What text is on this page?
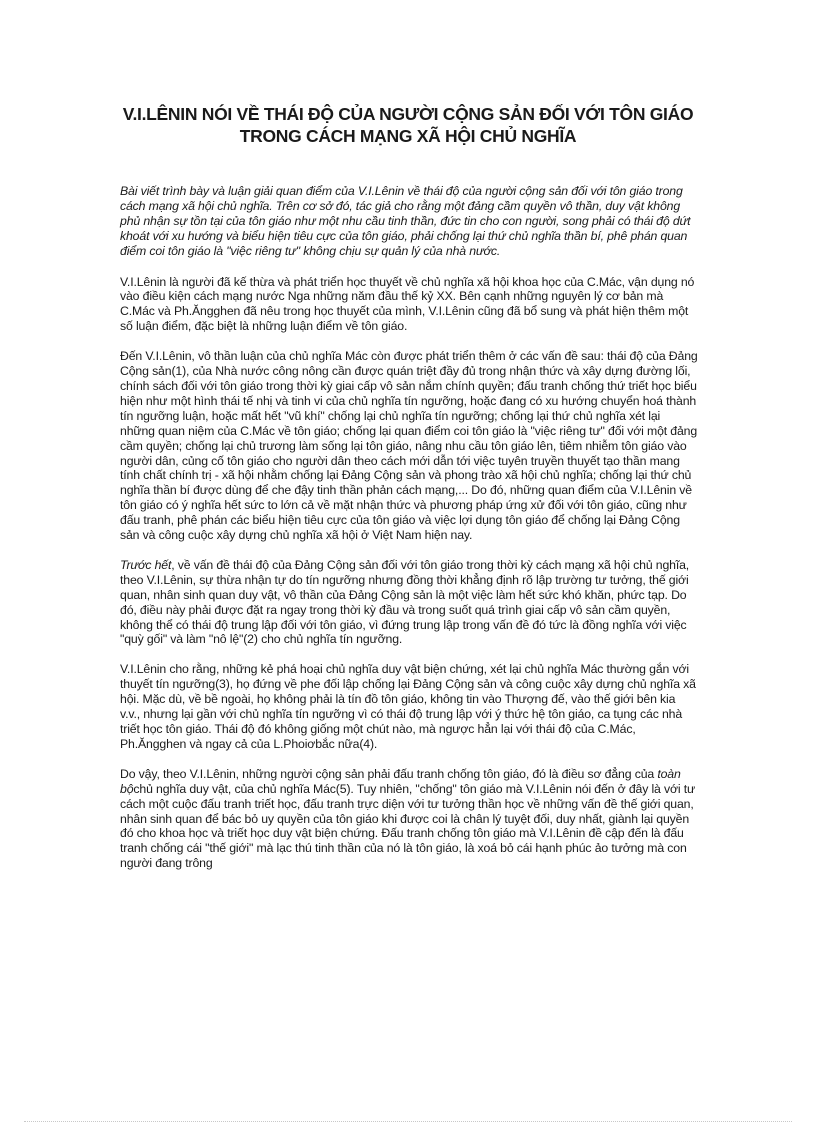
V.I.LÊNIN NÓI VỀ THÁI ĐỘ CỦA NGƯỜI CỘNG SẢN ĐỐI VỚI TÔN GIÁO TRONG CÁCH MẠNG XÃ HỘI CHỦ NGHĨA

Bài viết trình bày và luận giải quan điểm của V.I.Lênin về thái độ của người cộng sản đối với tôn giáo trong cách mạng xã hội chủ nghĩa. Trên cơ sở đó, tác giả cho rằng một đảng cầm quyền vô thần, duy vật không phủ nhận sự tồn tại của tôn giáo như một nhu cầu tinh thần, đức tin cho con người, song phải có thái độ dứt khoát với xu hướng và biểu hiện tiêu cực của tôn giáo, phải chống lại thứ chủ nghĩa thần bí, phê phán quan điểm coi tôn giáo là "việc riêng tư" không chịu sự quản lý của nhà nước.

V.I.Lênin là người đã kế thừa và phát triển học thuyết về chủ nghĩa xã hội khoa học của C.Mác, vận dụng nó vào điều kiện cách mạng nước Nga những năm đầu thế kỷ XX. Bên cạnh những nguyên lý cơ bản mà C.Mác và Ph.Ăngghen đã nêu trong học thuyết của mình, V.I.Lênin cũng đã bổ sung và phát hiện thêm một số luận điểm, đặc biệt là những luận điểm về tôn giáo.

Đến V.I.Lênin, vô thần luận của chủ nghĩa Mác còn được phát triển thêm ở các vấn đề sau: thái độ của Đảng Cộng sản(1), của Nhà nước công nông cần được quán triệt đầy đủ trong nhận thức và xây dựng đường lối, chính sách đối với tôn giáo trong thời kỳ giai cấp vô sản nắm chính quyền; đấu tranh chống thứ triết học biểu hiện như một hình thái tế nhị và tinh vi của chủ nghĩa tín ngưỡng, hoặc đang có xu hướng chuyển hoá thành tín ngưỡng luận, hoặc mất hết "vũ khí" chống lại chủ nghĩa tín ngưỡng; chống lại thứ chủ nghĩa xét lại những quan niệm của C.Mác về tôn giáo; chống lại quan điểm coi tôn giáo là "việc riêng tư" đối với một đảng cầm quyền; chống lại chủ trương làm sống lại tôn giáo, nâng nhu cầu tôn giáo lên, tiêm nhiễm tôn giáo vào người dân, củng cố tôn giáo cho người dân theo cách mới dẫn tới việc tuyên truyền thuyết tạo thần mang tính chất chính trị - xã hội nhằm chống lại Đảng Cộng sản và phong trào xã hội chủ nghĩa; chống lại thứ chủ nghĩa thần bí được dùng để che đậy tinh thần phản cách mạng,... Do đó, những quan điểm của V.I.Lênin về tôn giáo có ý nghĩa hết sức to lớn cả về mặt nhận thức và phương pháp ứng xử đối với tôn giáo, cũng như đấu tranh, phê phán các biểu hiện tiêu cực của tôn giáo và việc lợi dụng tôn giáo để chống lại Đảng Cộng sản và công cuộc xây dựng chủ nghĩa xã hội ở Việt Nam hiện nay.

Trước hết, về vấn đề thái độ của Đảng Cộng sản đối với tôn giáo trong thời kỳ cách mạng xã hội chủ nghĩa, theo V.I.Lênin, sự thừa nhận tự do tín ngưỡng nhưng đồng thời khẳng định rõ lập trường tư tưởng, thế giới quan, nhân sinh quan duy vật, vô thần của Đảng Cộng sản là một việc làm hết sức khó khăn, phức tạp. Do đó, điều này phải được đặt ra ngay trong thời kỳ đầu và trong suốt quá trình giai cấp vô sản cầm quyền, không thể có thái độ trung lập đối với tôn giáo, vì đứng trung lập trong vấn đề đó tức là đồng nghĩa với việc "quỳ gối" và làm "nô lệ"(2) cho chủ nghĩa tín ngưỡng.

V.I.Lênin cho rằng, những kẻ phá hoại chủ nghĩa duy vật biện chứng, xét lại chủ nghĩa Mác thường gắn với thuyết tín ngưỡng(3), họ đứng về phe đối lập chống lại Đảng Cộng sản và công cuộc xây dựng chủ nghĩa xã hội. Mặc dù, về bề ngoài, họ không phải là tín đồ tôn giáo, không tin vào Thượng đế, vào thế giới bên kia v.v., nhưng lại gần với chủ nghĩa tín ngưỡng vì có thái độ trung lập với ý thức hệ tôn giáo, ca tụng các nhà triết học tôn giáo. Thái độ đó không giống một chút nào, mà ngược hẳn lại với thái độ của C.Mác, Ph.Ăngghen và ngay cả của L.Phoiơbắc nữa(4).

Do vậy, theo V.I.Lênin, những người cộng sản phải đấu tranh chống tôn giáo, đó là điều sơ đẳng của toàn bộchủ nghĩa duy vật, của chủ nghĩa Mác(5). Tuy nhiên, "chống" tôn giáo mà V.I.Lênin nói đến ở đây là với tư cách một cuộc đấu tranh triết học, đấu tranh trực diện với tư tưởng thần học về những vấn đề thế giới quan, nhân sinh quan để bác bỏ uy quyền của tôn giáo khi được coi là chân lý tuyệt đối, duy nhất, giành lại quyền đó cho khoa học và triết học duy vật biện chứng. Đấu tranh chống tôn giáo mà V.I.Lênin đề cập đến là đấu tranh chống cái "thế giới" mà lạc thú tinh thần của nó là tôn giáo, là xoá bỏ cái hạnh phúc ảo tưởng mà con người đang trông
